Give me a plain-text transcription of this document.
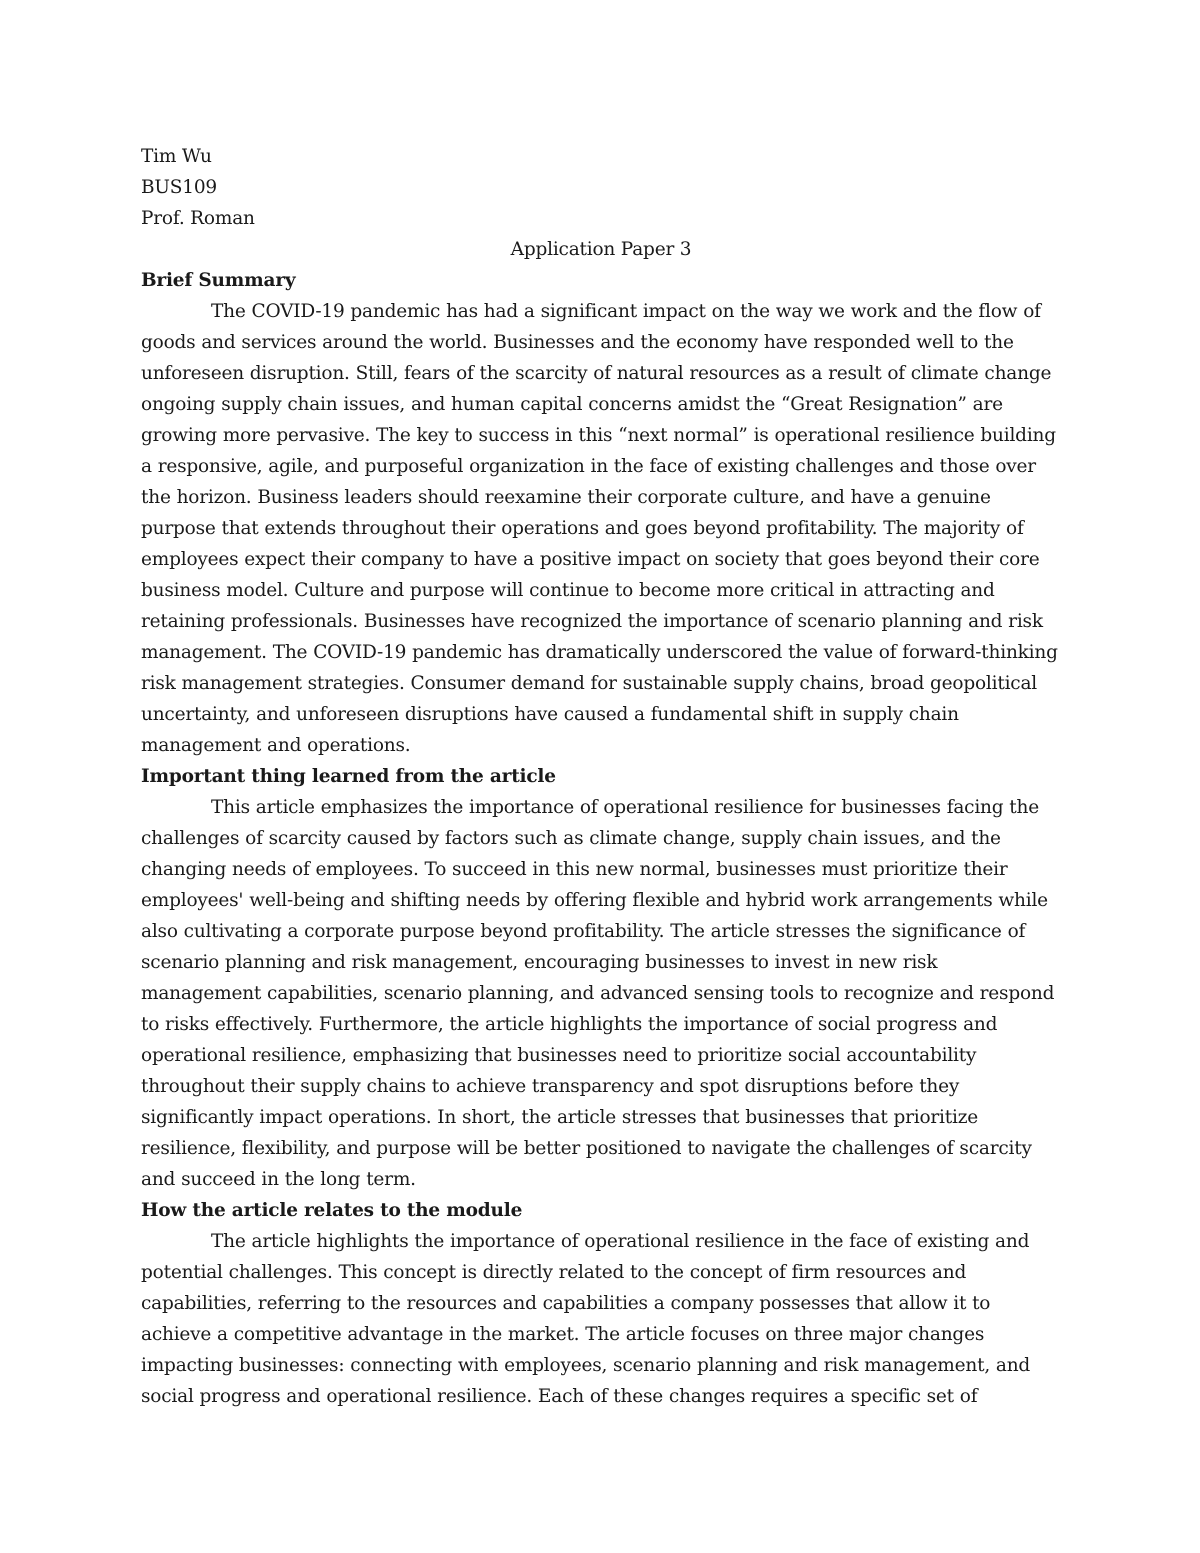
Tim Wu
BUS109
Prof. Roman
Application Paper 3
Brief Summary

The COVID-19 pandemic has had a significant impact on the way we work and the flow of goods and services around the world. Businesses and the economy have responded well to the unforeseen disruption. Still, fears of the scarcity of natural resources as a result of climate change ongoing supply chain issues, and human capital concerns amidst the “Great Resignation” are growing more pervasive. The key to success in this “next normal” is operational resilience building a responsive, agile, and purposeful organization in the face of existing challenges and those over the horizon. Business leaders should reexamine their corporate culture, and have a genuine purpose that extends throughout their operations and goes beyond profitability. The majority of employees expect their company to have a positive impact on society that goes beyond their core business model. Culture and purpose will continue to become more critical in attracting and retaining professionals. Businesses have recognized the importance of scenario planning and risk management. The COVID-19 pandemic has dramatically underscored the value of forward-thinking risk management strategies. Consumer demand for sustainable supply chains, broad geopolitical uncertainty, and unforeseen disruptions have caused a fundamental shift in supply chain management and operations.

Important thing learned from the article

This article emphasizes the importance of operational resilience for businesses facing the challenges of scarcity caused by factors such as climate change, supply chain issues, and the changing needs of employees. To succeed in this new normal, businesses must prioritize their employees' well-being and shifting needs by offering flexible and hybrid work arrangements while also cultivating a corporate purpose beyond profitability. The article stresses the significance of scenario planning and risk management, encouraging businesses to invest in new risk management capabilities, scenario planning, and advanced sensing tools to recognize and respond to risks effectively. Furthermore, the article highlights the importance of social progress and operational resilience, emphasizing that businesses need to prioritize social accountability throughout their supply chains to achieve transparency and spot disruptions before they significantly impact operations. In short, the article stresses that businesses that prioritize resilience, flexibility, and purpose will be better positioned to navigate the challenges of scarcity and succeed in the long term.

How the article relates to the module

The article highlights the importance of operational resilience in the face of existing and potential challenges. This concept is directly related to the concept of firm resources and capabilities, referring to the resources and capabilities a company possesses that allow it to achieve a competitive advantage in the market. The article focuses on three major changes impacting businesses: connecting with employees, scenario planning and risk management, and social progress and operational resilience. Each of these changes requires a specific set of
